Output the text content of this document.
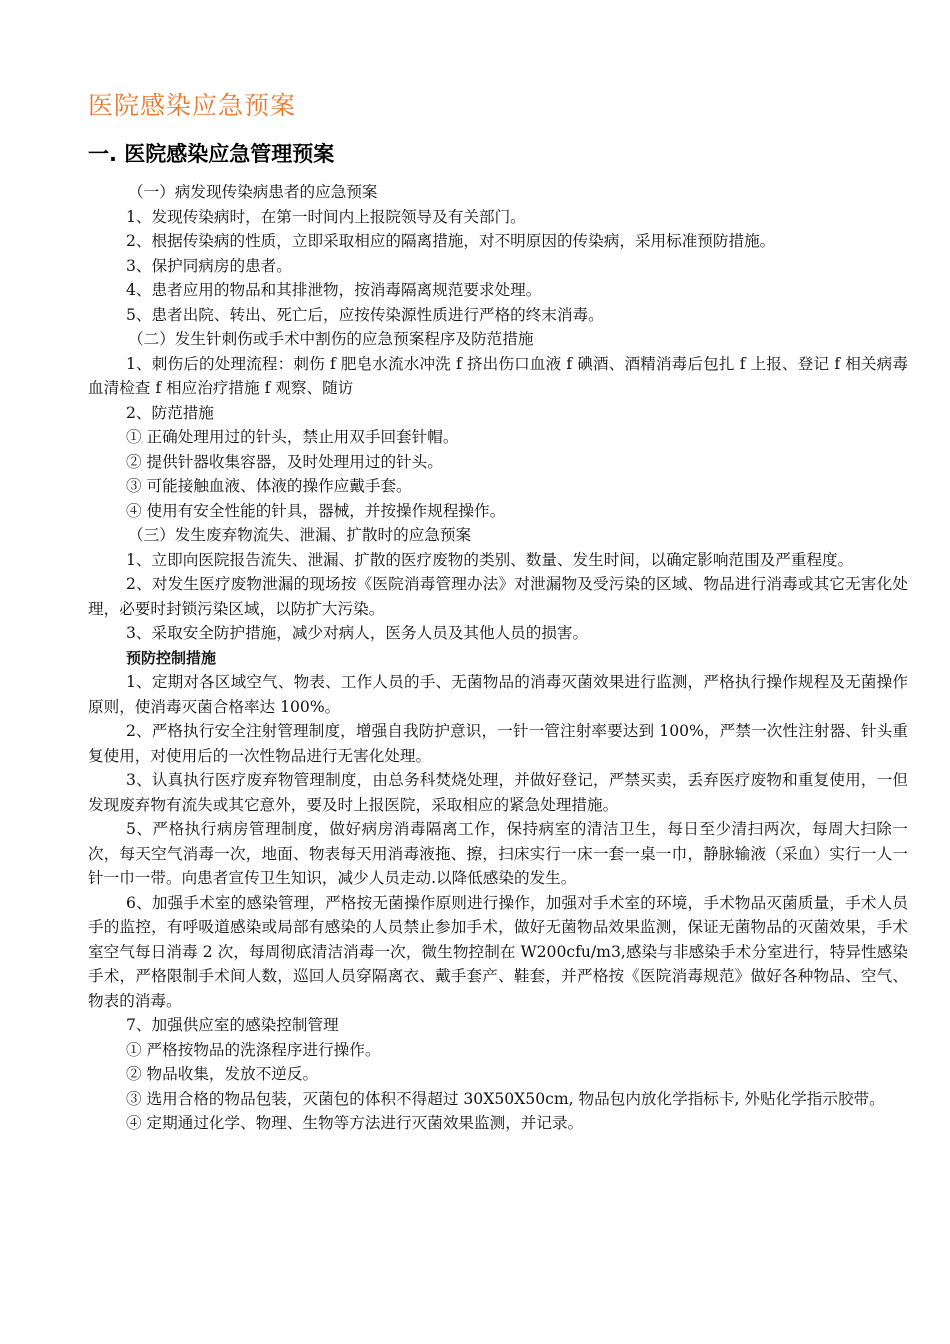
医院感染应急预案
一. 医院感染应急管理预案

（一）病发现传染病患者的应急预案

1、发现传染病时，在第一时间内上报院领导及有关部门。

2、根据传染病的性质，立即采取相应的隔离措施，对不明原因的传染病，采用标准预防措施。

3、保护同病房的患者。

4、患者应用的物品和其排泄物，按消毒隔离规范要求处理。

5、患者出院、转出、死亡后，应按传染源性质进行严格的终末消毒。

（二）发生针刺伤或手术中割伤的应急预案程序及防范措施

1、刺伤后的处理流程：刺伤 f 肥皂水流水冲洗 f 挤出伤口血液 f 碘酒、酒精消毒后包扎 f 上报、登记 f 相关病毒血清检查 f 相应治疗措施 f 观察、随访

2、防范措施

① 正确处理用过的针头，禁止用双手回套针帽。

② 提供针器收集容器，及时处理用过的针头。

③ 可能接触血液、体液的操作应戴手套。

④ 使用有安全性能的针具，器械，并按操作规程操作。

（三）发生废弃物流失、泄漏、扩散时的应急预案

1、立即向医院报告流失、泄漏、扩散的医疗废物的类别、数量、发生时间，以确定影响范围及严重程度。

2、对发生医疗废物泄漏的现场按《医院消毒管理办法》对泄漏物及受污染的区域、物品进行消毒或其它无害化处理，必要时封锁污染区域，以防扩大污染。

3、采取安全防护措施，减少对病人，医务人员及其他人员的损害。

预防控制措施

1、定期对各区域空气、物表、工作人员的手、无菌物品的消毒灭菌效果进行监测，严格执行操作规程及无菌操作原则，使消毒灭菌合格率达 100%。

2、严格执行安全注射管理制度，增强自我防护意识，一针一管注射率要达到 100%，严禁一次性注射器、针头重复使用，对使用后的一次性物品进行无害化处理。

3、认真执行医疗废弃物管理制度，由总务科焚烧处理，并做好登记，严禁买卖，丢弃医疗废物和重复使用，一但发现废弃物有流失或其它意外，要及时上报医院，采取相应的紧急处理措施。

5、严格执行病房管理制度，做好病房消毒隔离工作，保持病室的清洁卫生，每日至少清扫两次，每周大扫除一次，每天空气消毒一次，地面、物表每天用消毒液拖、擦，扫床实行一床一套一桌一巾，静脉输液（采血）实行一人一针一巾一带。向患者宣传卫生知识，减少人员走动.以降低感染的发生。

6、加强手术室的感染管理，严格按无菌操作原则进行操作，加强对手术室的环境，手术物品灭菌质量，手术人员手的监控，有呼吸道感染或局部有感染的人员禁止参加手术，做好无菌物品效果监测，保证无菌物品的灭菌效果，手术室空气每日消毒 2 次，每周彻底清洁消毒一次，微生物控制在 W200cfu/m3,感染与非感染手术分室进行，特异性感染手术，严格限制手术间人数，巡回人员穿隔离衣、戴手套产、鞋套，并严格按《医院消毒规范》做好各种物品、空气、物表的消毒。

7、加强供应室的感染控制管理

① 严格按物品的洗涤程序进行操作。

② 物品收集，发放不逆反。

③ 选用合格的物品包装，灭菌包的体积不得超过 30X50X50cm, 物品包内放化学指标卡, 外贴化学指示胶带。

④ 定期通过化学、物理、生物等方法进行灭菌效果监测，并记录。
